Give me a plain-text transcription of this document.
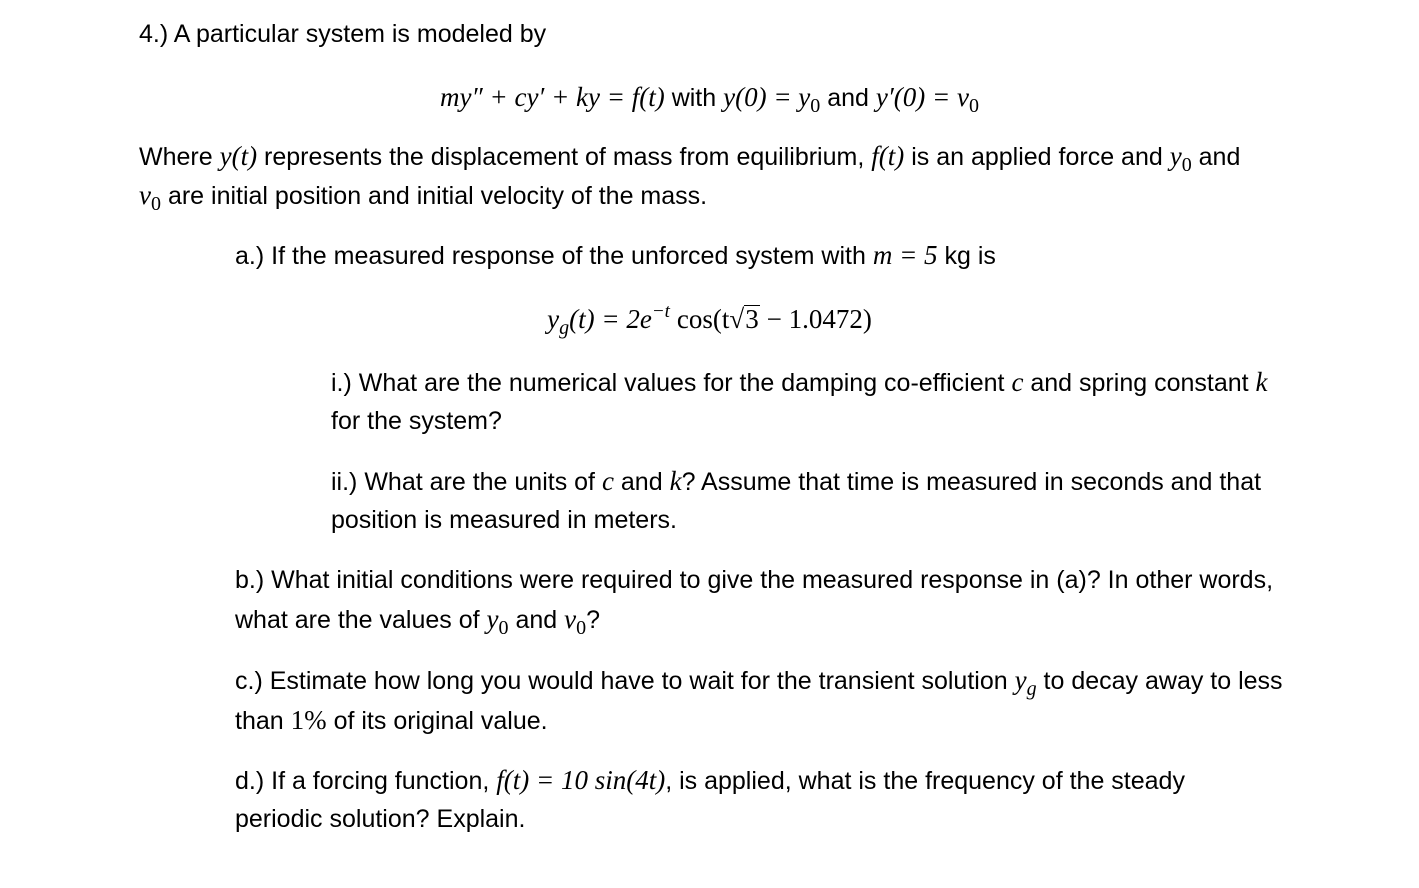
4.) A particular system is modeled by
my″ + cy′ + ky = f(t) with $y(0) = y_0$ and $y'(0) = v_0$
Where y(t) represents the displacement of mass from equilibrium, f(t) is an applied force and $y_0$ and
$v_0$ are initial position and initial velocity of the mass.
a.) If the measured response of the unforced system with m = 5 kg is
$y_g(t) = 2e^{-t}$ cos(t√3 − 1.0472)
i.) What are the numerical values for the damping co-efficient c and spring constant k
for the system?
ii.) What are the units of c and k? Assume that time is measured in seconds and that
position is measured in meters.
b.) What initial conditions were required to give the measured response in (a)? In other words,
what are the values of $y_0$ and $v_0$?
c.) Estimate how long you would have to wait for the transient solution $y_g$ to decay away to less
than 1% of its original value.
d.) If a forcing function, f(t) = 10 sin(4t), is applied, what is the frequency of the steady
periodic solution? Explain.
